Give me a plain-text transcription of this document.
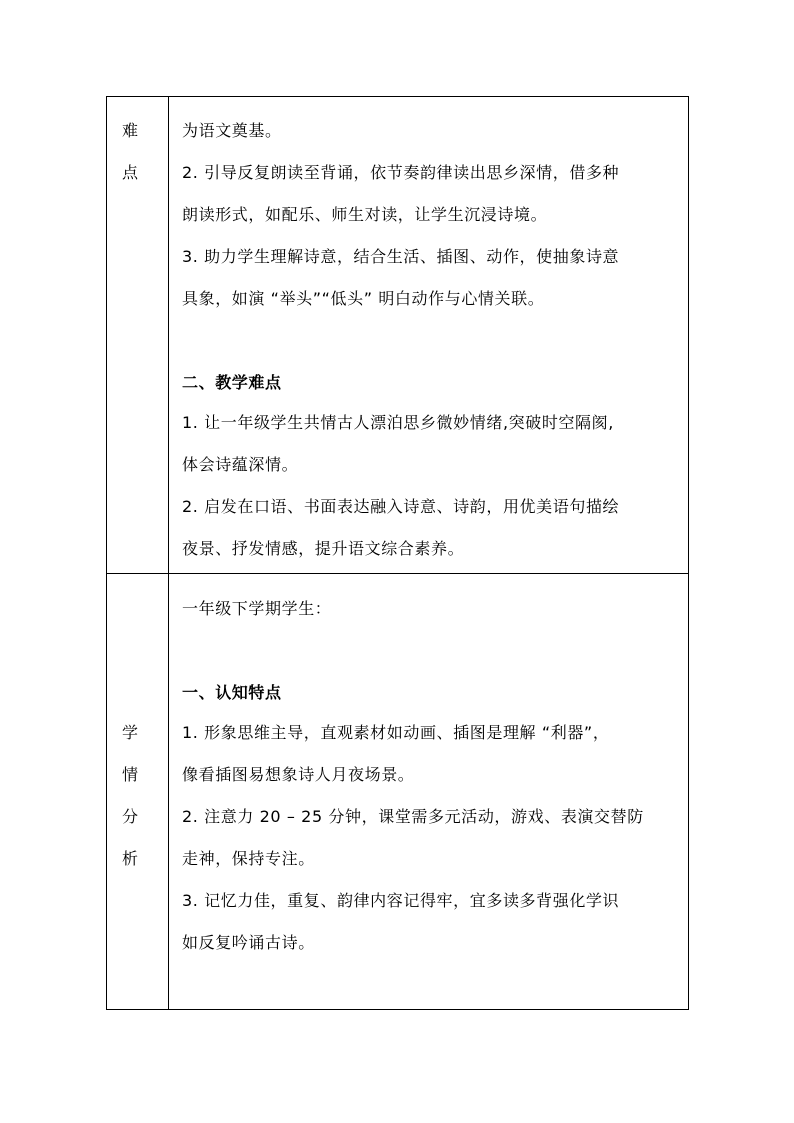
难
点
为语文奠基。
2. 引导反复朗读至背诵，依节奏韵律读出思乡深情，借多种
朗读形式，如配乐、师生对读，让学生沉浸诗境。
3. 助力学生理解诗意，结合生活、插图、动作，使抽象诗意
具象，如演 “举头”“低头” 明白动作与心情关联。
二、教学难点
1. 让一年级学生共情古人漂泊思乡微妙情绪,突破时空隔阂,
体会诗蕴深情。
2. 启发在口语、书面表达融入诗意、诗韵，用优美语句描绘
夜景、抒发情感，提升语文综合素养。
学
情
分
析
一年级下学期学生：
一、认知特点
1. 形象思维主导，直观素材如动画、插图是理解 “利器”，
像看插图易想象诗人月夜场景。
2. 注意力 20 – 25 分钟，课堂需多元活动，游戏、表演交替防
走神，保持专注。
3. 记忆力佳，重复、韵律内容记得牢，宜多读多背强化学识
如反复吟诵古诗。
